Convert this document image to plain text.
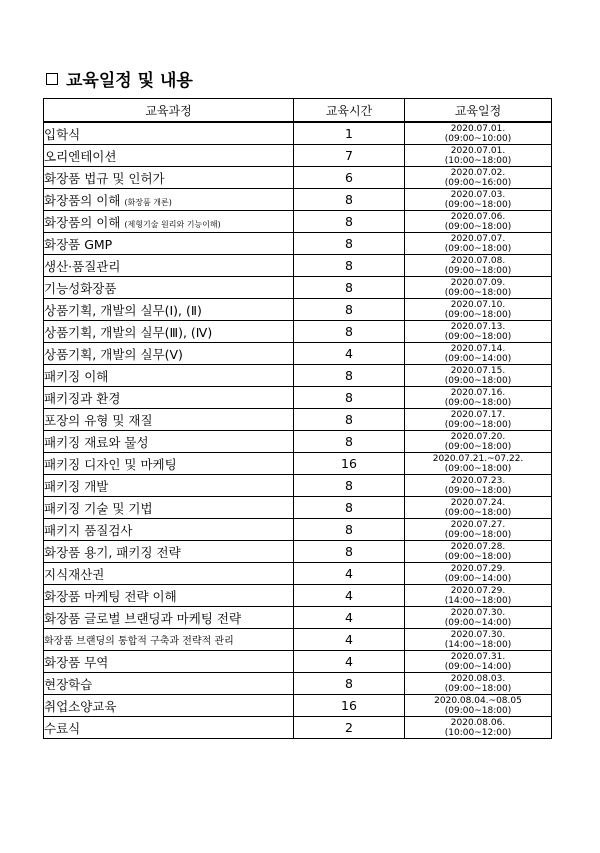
교육일정 및 내용
교육과정	교육시간	교육일정
입학식	1	2020.07.01.
(09:00~10:00)

오리엔테이션	7	2020.07.01.
(10:00~18:00)

화장품 법규 및 인허가	6	2020.07.02.
(09:00~16:00)

화장품의 이해 (화장품 개론)	8	2020.07.03.
(09:00~18:00)

화장품의 이해 (제형기술 원리와 기능이해)	8	2020.07.06.
(09:00~18:00)

화장품 GMP	8	2020.07.07.
(09:00~18:00)

생산·품질관리	8	2020.07.08.
(09:00~18:00)

기능성화장품	8	2020.07.09.
(09:00~18:00)

상품기획, 개발의 실무(Ⅰ), (Ⅱ)	8	2020.07.10.
(09:00~18:00)

상품기획, 개발의 실무(Ⅲ), (Ⅳ)	8	2020.07.13.
(09:00~18:00)

상품기획, 개발의 실무(Ⅴ)	4	2020.07.14.
(09:00~14:00)

패키징 이해	8	2020.07.15.
(09:00~18:00)

패키징과 환경	8	2020.07.16.
(09:00~18:00)

포장의 유형 및 재질	8	2020.07.17.
(09:00~18:00)

패키징 재료와 물성	8	2020.07.20.
(09:00~18:00)

패키징 디자인 및 마케팅	16	2020.07.21.~07.22.
(09:00~18:00)

패키징 개발	8	2020.07.23.
(09:00~18:00)

패키징 기술 및 기법	8	2020.07.24.
(09:00~18:00)

패키지 품질검사	8	2020.07.27.
(09:00~18:00)

화장품 용기, 패키징 전략	8	2020.07.28.
(09:00~18:00)

지식재산권	4	2020.07.29.
(09:00~14:00)

화장품 마케팅 전략 이해	4	2020.07.29.
(14:00~18:00)

화장품 글로벌 브랜딩과 마케팅 전략	4	2020.07.30.
(09:00~14:00)

화장품 브랜딩의 통합적 구축과 전략적 관리	4	2020.07.30.
(14:00~18:00)

화장품 무역	4	2020.07.31.
(09:00~14:00)

현장학습	8	2020.08.03.
(09:00~18:00)

취업소양교육	16	2020.08.04.~08.05
(09:00~18:00)

수료식	2	2020.08.06.
(10:00~12:00)
